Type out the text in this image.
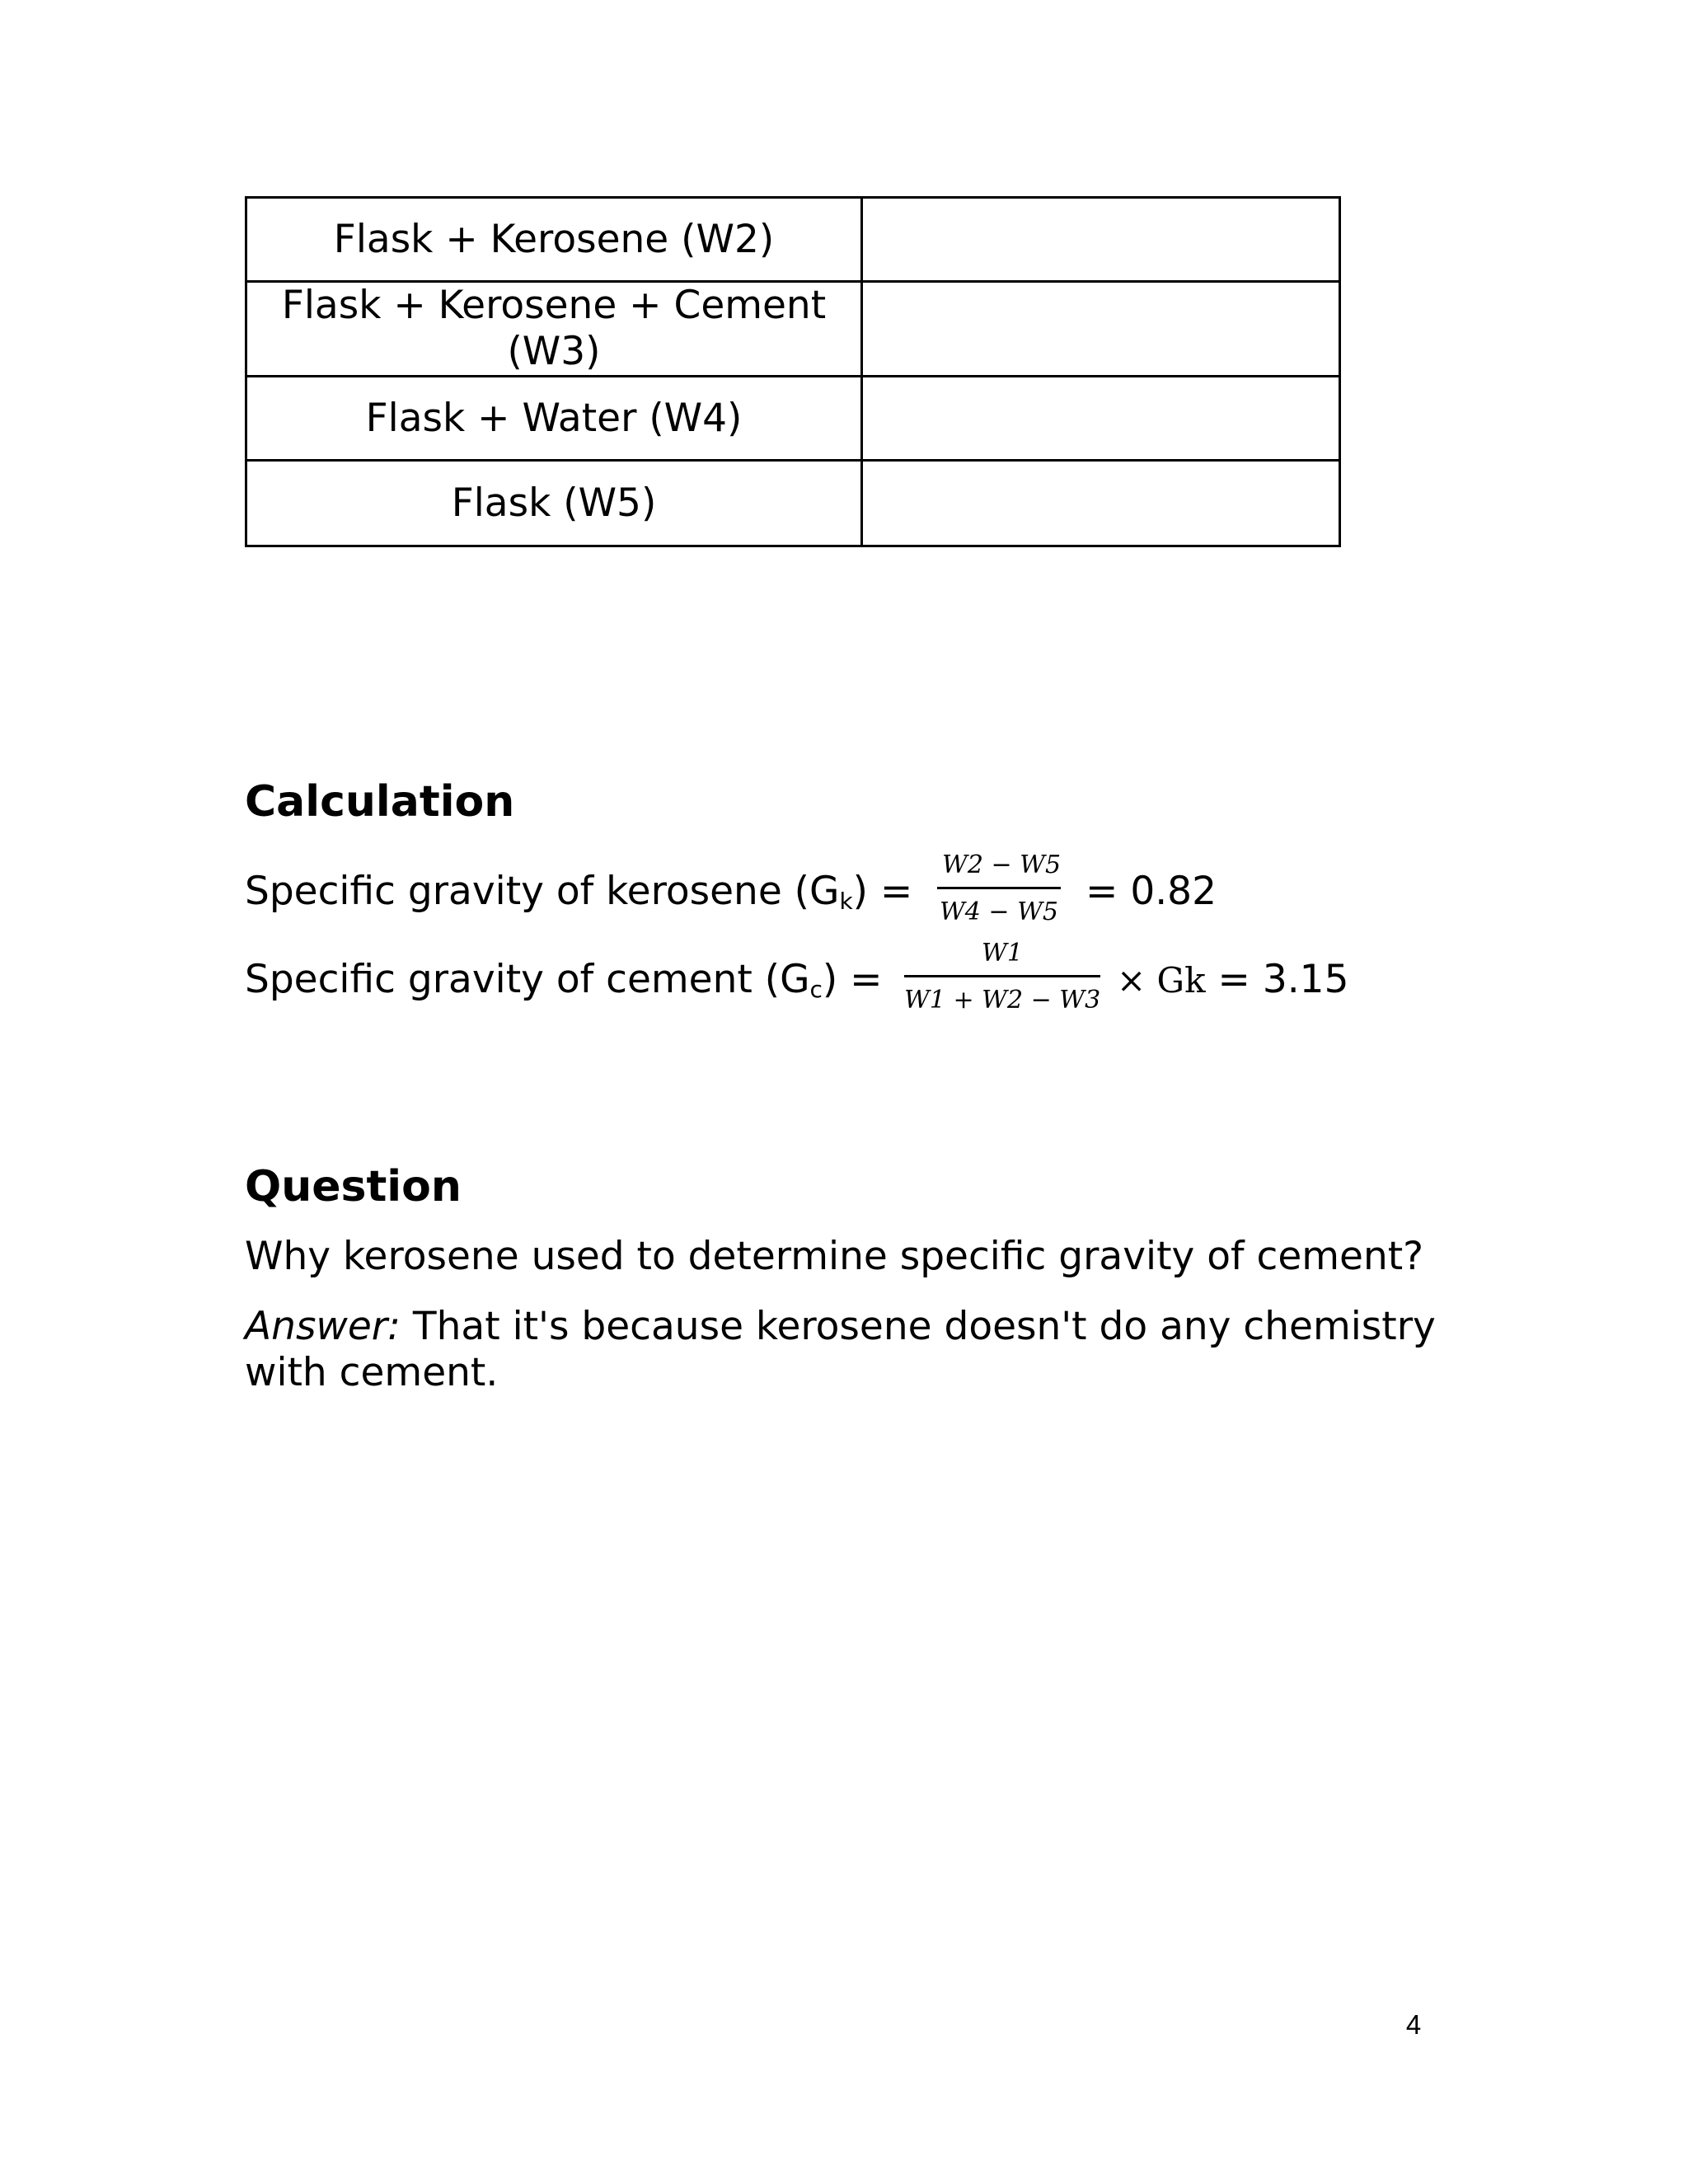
Flask + Kerosene (W2)	
Flask + Kerosene + Cement (W3)	
Flask + Water (W4)	
Flask (W5)	
Calculation
Specific gravity of kerosene $(G_k) = \frac{W2 - W5}{W4 - W5} = 0.82$
Specific gravity of cement $(G_c) = \frac{W1}{W1 + W2 - W3} \times Gk = 3.15$
Question

Why kerosene used to determine specific gravity of cement?

Answer: That it's because kerosene doesn't do any chemistry with cement.

4
